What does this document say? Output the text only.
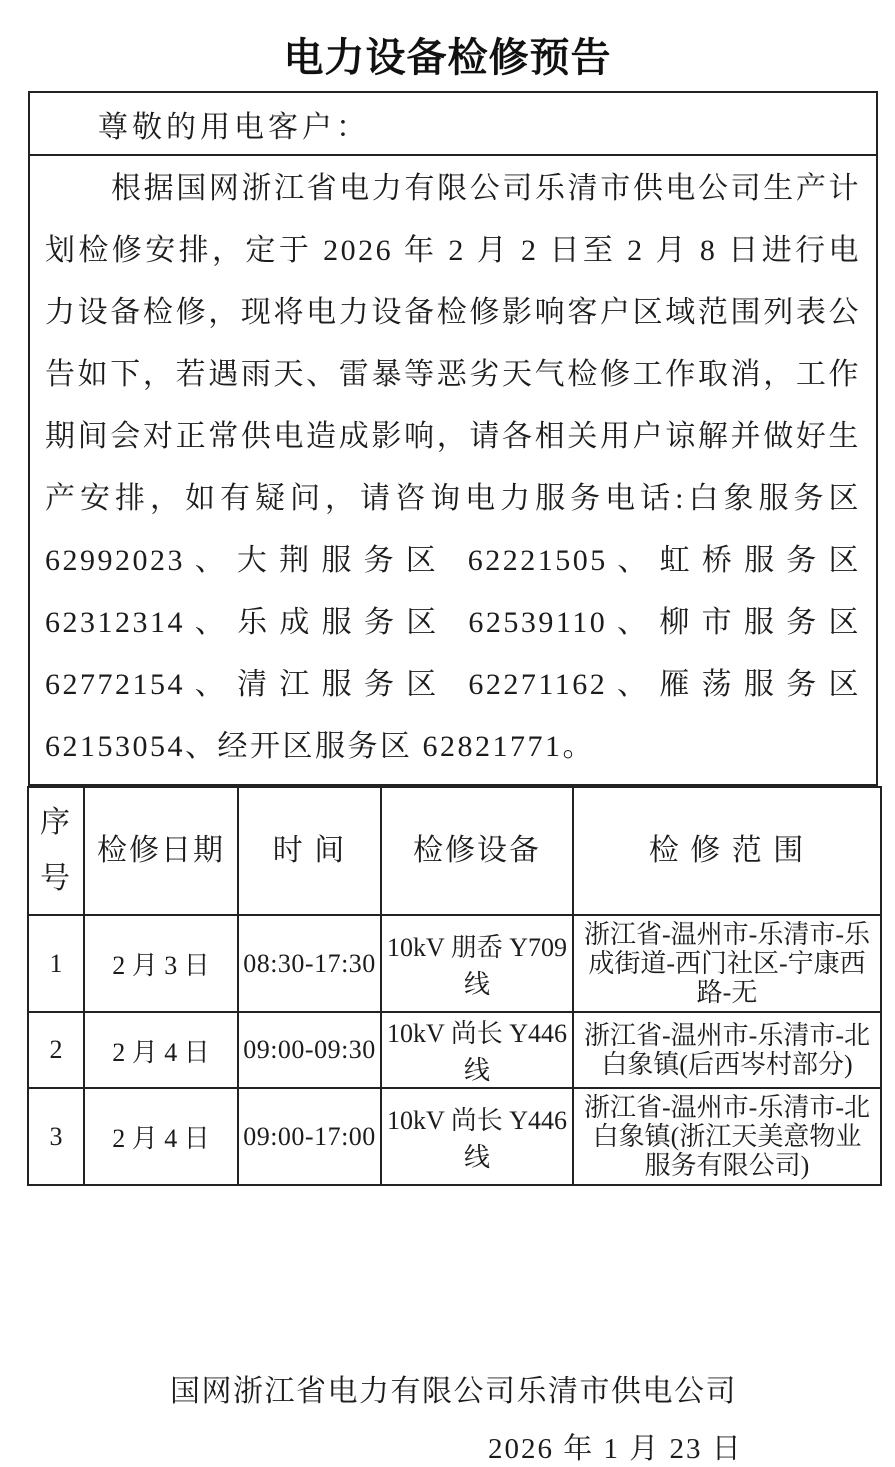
电力设备检修预告
尊敬的用电客户：
根据国网浙江省电力有限公司乐清市供电公司生产计划检修安排，定于 2026 年 2 月 2 日至 2 月 8 日进行电力设备检修，现将电力设备检修影响客户区域范围列表公告如下，若遇雨天、雷暴等恶劣天气检修工作取消，工作期间会对正常供电造成影响，请各相关用户谅解并做好生产安排，如有疑问，请咨询电力服务电话:白象服务区 62992023、大荆服务区 62221505、虹桥服务区 62312314、乐成服务区 62539110、柳市服务区 62772154、清江服务区 62271162、雁荡服务区 62153054、经开区服务区 62821771。
序号	检修日期	时 间	检修设备	检 修 范 围
1	2 月 3 日	08:30-17:30	10kV 朋岙 Y709 线	浙江省-温州市-乐清市-乐成街道-西门社区-宁康西路-无
2	2 月 4 日	09:00-09:30	10kV 尚长 Y446 线	浙江省-温州市-乐清市-北白象镇(后西岑村部分)
3	2 月 4 日	09:00-17:00	10kV 尚长 Y446 线	浙江省-温州市-乐清市-北白象镇(浙江天美意物业服务有限公司)
国网浙江省电力有限公司乐清市供电公司
2026 年 1 月 23 日
